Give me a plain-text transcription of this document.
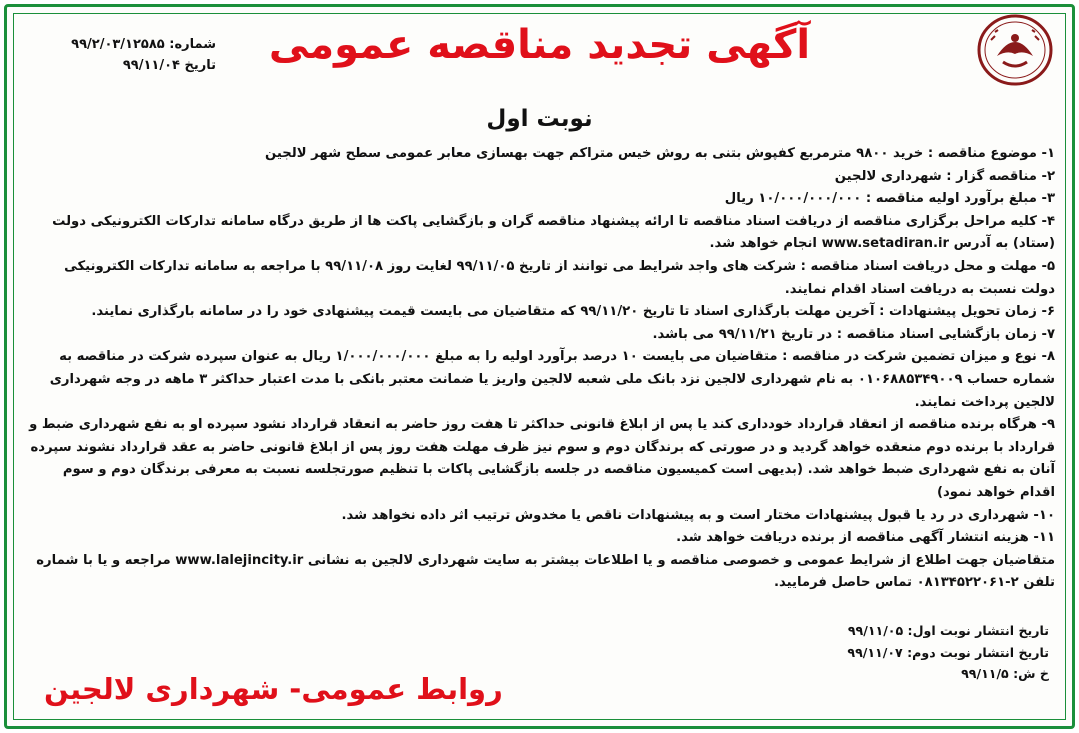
شماره: ۹۹/۲/۰۳/۱۲۵۸۵
تاریخ ۹۹/۱۱/۰۴	آگهی تجدید مناقصه عمومی
نوبت اول

۱- موضوع مناقصه : خرید ۹۸۰۰ مترمربع کفپوش بتنی به روش خیس متراکم جهت بهسازی معابر عمومی سطح شهر لالجین

۲- مناقصه گزار : شهرداری لالجین

۳- مبلغ برآورد اولیه مناقصه : ۱۰/۰۰۰/۰۰۰/۰۰۰ ریال

۴- کلیه مراحل برگزاری مناقصه از دریافت اسناد مناقصه تا ارائه پیشنهاد مناقصه گران و بازگشایی پاکت ها از طریق درگاه سامانه تدارکات الکترونیکی دولت (ستاد) به آدرس www.setadiran.ir انجام خواهد شد.

۵- مهلت و محل دریافت اسناد مناقصه : شرکت های واجد شرایط می توانند از تاریخ ۹۹/۱۱/۰۵ لغایت روز ۹۹/۱۱/۰۸ با مراجعه به سامانه تدارکات الکترونیکی دولت نسبت به دریافت اسناد اقدام نمایند.

۶- زمان تحویل پیشنهادات : آخرین مهلت بارگذاری اسناد تا تاریخ ۹۹/۱۱/۲۰ که متقاضیان می بایست قیمت پیشنهادی خود را در سامانه بارگذاری نمایند.

۷- زمان بازگشایی اسناد مناقصه : در تاریخ ۹۹/۱۱/۲۱ می باشد.

۸- نوع و میزان تضمین شرکت در مناقصه : متقاضیان می بایست ۱۰ درصد برآورد اولیه را به مبلغ ۱/۰۰۰/۰۰۰/۰۰۰ ریال به عنوان سپرده شرکت در مناقصه به شماره حساب ۰۱۰۶۸۸۵۳۴۹۰۰۹ به نام شهرداری لالجین نزد بانک ملی شعبه لالجین واریز یا ضمانت معتبر بانکی با مدت اعتبار حداکثر ۳ ماهه در وجه شهرداری لالجین پرداخت نمایند.

۹- هرگاه برنده مناقصه از انعقاد قرارداد خودداری کند یا پس از ابلاغ قانونی حداکثر تا هفت روز حاضر به انعقاد قرارداد نشود سپرده او به نفع شهرداری ضبط و قرارداد با برنده دوم منعقده خواهد گردید و در صورتی که برندگان دوم و سوم نیز ظرف مهلت هفت روز پس از ابلاغ قانونی حاضر به عقد قرارداد نشوند سپرده آنان به نفع شهرداری ضبط خواهد شد. (بدیهی است کمیسیون مناقصه در جلسه بازگشایی پاکات با تنظیم صورتجلسه نسبت به معرفی برندگان دوم و سوم اقدام خواهد نمود)

۱۰- شهرداری در رد یا قبول پیشنهادات مختار است و به پیشنهادات ناقص یا مخدوش ترتیب اثر داده نخواهد شد.

۱۱- هزینه انتشار آگهی مناقصه از برنده دریافت خواهد شد.

متقاضیان جهت اطلاع از شرایط عمومی و خصوصی مناقصه و یا اطلاعات بیشتر به سایت شهرداری لالجین به نشانی www.lalejincity.ir مراجعه و یا با شماره تلفن ۲-۰۸۱۳۴۵۲۲۰۶۱ تماس حاصل فرمایید.

تاریخ انتشار نوبت اول: ۹۹/۱۱/۰۵
تاریخ انتشار نوبت دوم: ۹۹/۱۱/۰۷
خ ش: ۹۹/۱۱/۵
روابط عمومی- شهرداری لالجین
